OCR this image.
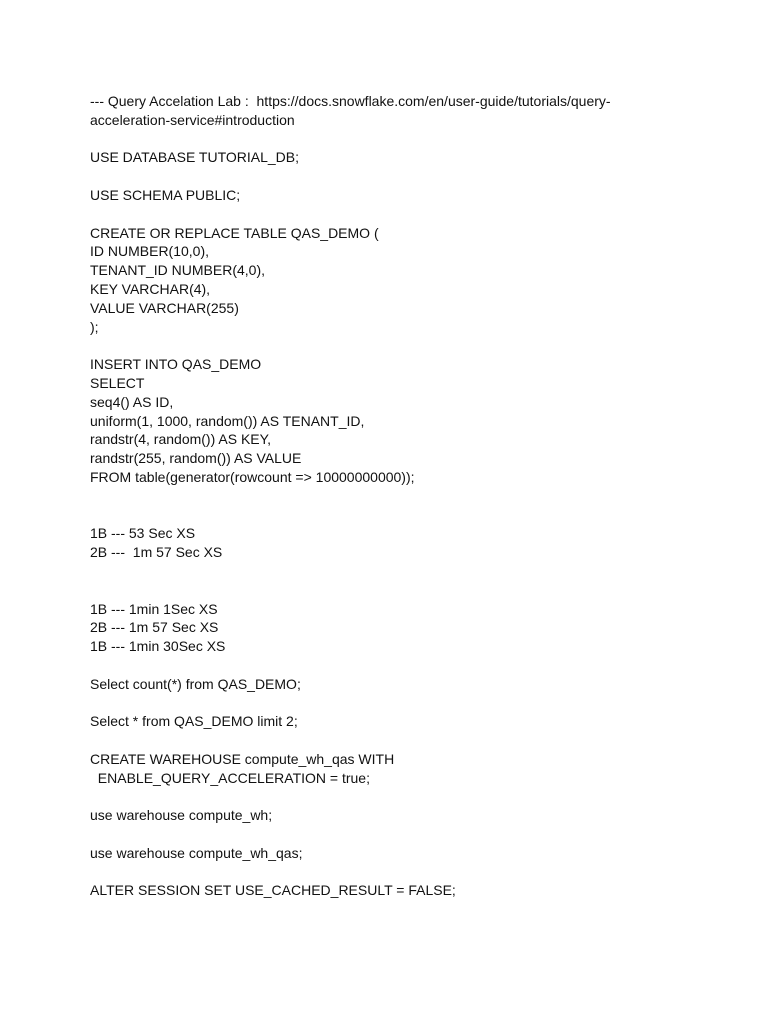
--- Query Accelation Lab :  https://docs.snowflake.com/en/user-guide/tutorials/query-
acceleration-service#introduction
USE DATABASE TUTORIAL_DB;
USE SCHEMA PUBLIC;
CREATE OR REPLACE TABLE QAS_DEMO (
ID NUMBER(10,0),
TENANT_ID NUMBER(4,0),
KEY VARCHAR(4),
VALUE VARCHAR(255)
);
INSERT INTO QAS_DEMO
SELECT
seq4() AS ID,
uniform(1, 1000, random()) AS TENANT_ID,
randstr(4, random()) AS KEY,
randstr(255, random()) AS VALUE
FROM table(generator(rowcount => 10000000000));
1B --- 53 Sec XS
2B ---  1m 57 Sec XS
1B --- 1min 1Sec XS
2B --- 1m 57 Sec XS
1B --- 1min 30Sec XS
Select count(*) from QAS_DEMO;
Select * from QAS_DEMO limit 2;
CREATE WAREHOUSE compute_wh_qas WITH
ENABLE_QUERY_ACCELERATION = true;
use warehouse compute_wh;
use warehouse compute_wh_qas;
ALTER SESSION SET USE_CACHED_RESULT = FALSE;
